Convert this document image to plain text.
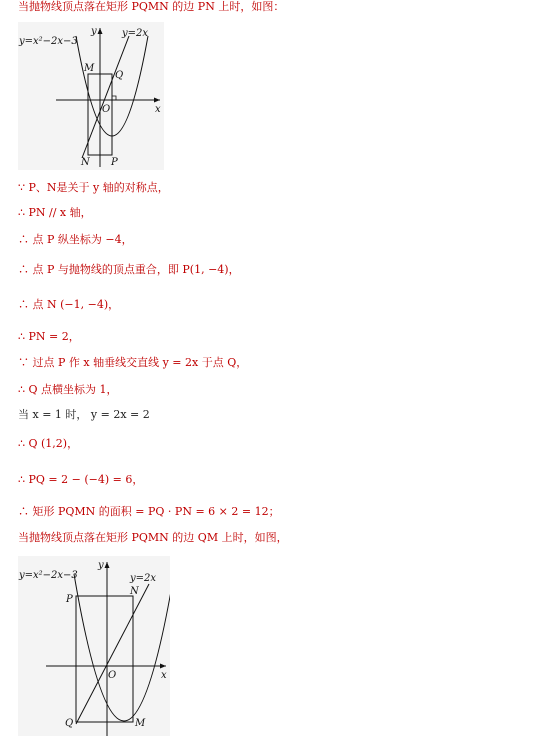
当抛物线顶点落在矩形 PQMN 的边 PN 上时，如图：
y=x²−2x−3
y=2x
y
x
O
M
Q
N P
∵ P、N是关于 y 轴的对称点，
∴ PN // x 轴，
∴ 点 P 纵坐标为 −4，
∴ 点 P 与抛物线的顶点重合，即 P(1, −4)，
∴ 点 N (−1, −4)，
∴ PN = 2，
∵ 过点 P 作 x 轴垂线交直线 y = 2x 于点 Q，
∴ Q 点横坐标为 1，
当 x = 1 时， y = 2x = 2
∴ Q (1,2)，
∴ PQ = 2 − (−4) = 6，
∴ 矩形 PQMN 的面积 = PQ · PN = 6 × 2 = 12；
当抛物线顶点落在矩形 PQMN 的边 QM 上时，如图，
y=x²−2x−3	y=2x
y
x
O
P
N
Q	M
